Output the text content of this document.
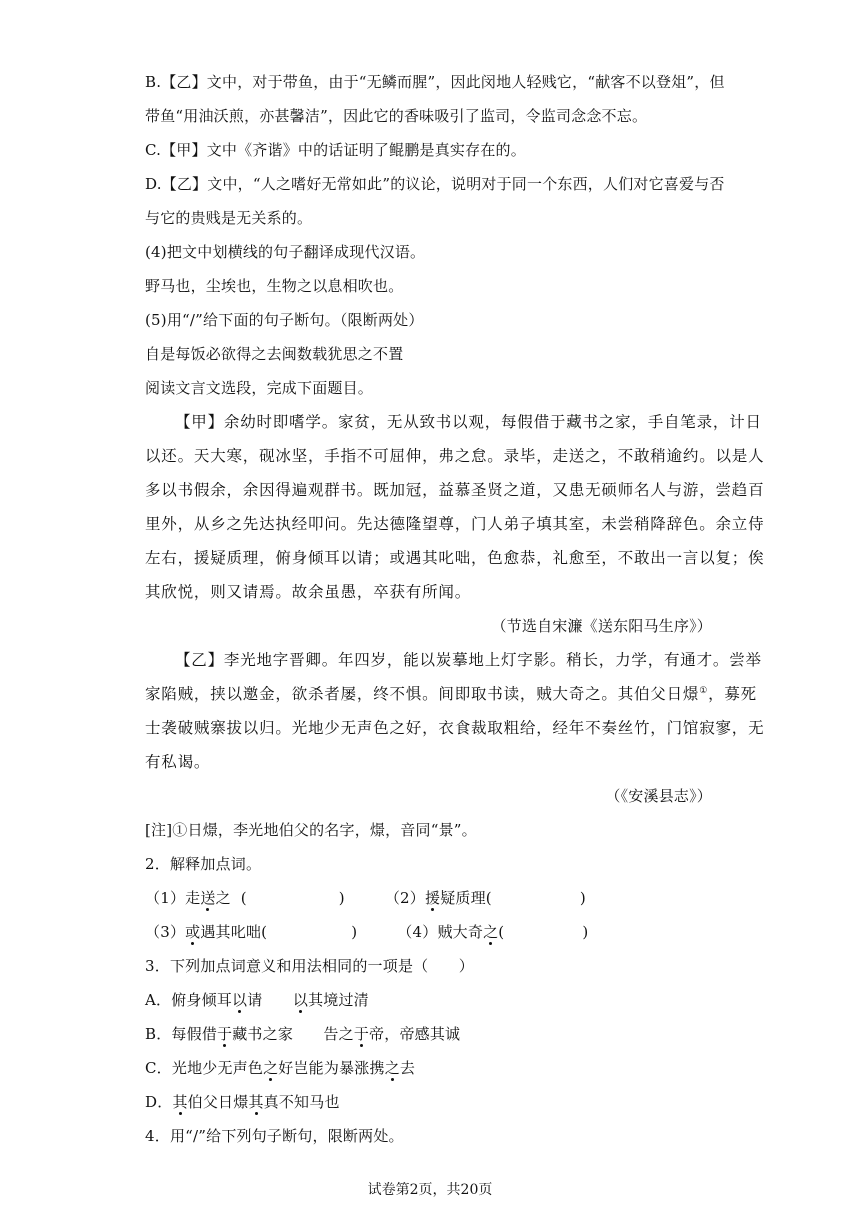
B.【乙】文中，对于带鱼，由于“无鳞而腥”，因此闵地人轻贱它，“献客不以登俎”，但
带鱼“用油沃煎，亦甚馨洁”，因此它的香味吸引了监司，令监司念念不忘。
C.【甲】文中《齐谐》中的话证明了鲲鹏是真实存在的。
D.【乙】文中，“人之嗜好无常如此”的议论，说明对于同一个东西，人们对它喜爱与否
与它的贵贱是无关系的。
(4)把文中划横线的句子翻译成现代汉语。
野马也，尘埃也，生物之以息相吹也。
(5)用“/”给下面的句子断句。（限断两处）
自是每饭必欲得之去闽数载犹思之不置
阅读文言文选段，完成下面题目。
【甲】余幼时即嗜学。家贫，无从致书以观，每假借于藏书之家，手自笔录，计日
以还。天大寒，砚冰坚，手指不可屈伸，弗之怠。录毕，走送之，不敢稍逾约。以是人
多以书假余，余因得遍观群书。既加冠，益慕圣贤之道，又患无硕师名人与游，尝趋百
里外，从乡之先达执经叩问。先达德隆望尊，门人弟子填其室，未尝稍降辞色。余立侍
左右，援疑质理，俯身倾耳以请；或遇其叱咄，色愈恭，礼愈至，不敢出一言以复；俟
其欣悦，则又请焉。故余虽愚，卒获有所闻。
（节选自宋濂《送东阳马生序》）
【乙】李光地字晋卿。年四岁，能以炭摹地上灯字影。稍长，力学，有通才。尝举
家陷贼，挟以邀金，欲杀者屡，终不惧。间即取书读，贼大奇之。其伯父日燝①，募死
士袭破贼寨拔以归。光地少无声色之好，衣食裁取粗给，经年不奏丝竹，门馆寂寥，无
有私谒。
（《安溪县志》）
[注]①日燝，李光地伯父的名字，燝，音同“景”。
2．解释加点词。
（1）走送之  (	)	（2）援疑质理(	)
（3）或遇其叱咄(	)	（4）贼大奇之(	)
3．下列加点词意义和用法相同的一项是（　　）
A．俯身倾耳以请　　以其境过清
B．每假借于藏书之家　　告之于帝，帝感其诚
C．光地少无声色之好岂能为暴涨携之去
D．其伯父日燝其真不知马也
4．用“/”给下列句子断句，限断两处。
试卷第2页，共20页
